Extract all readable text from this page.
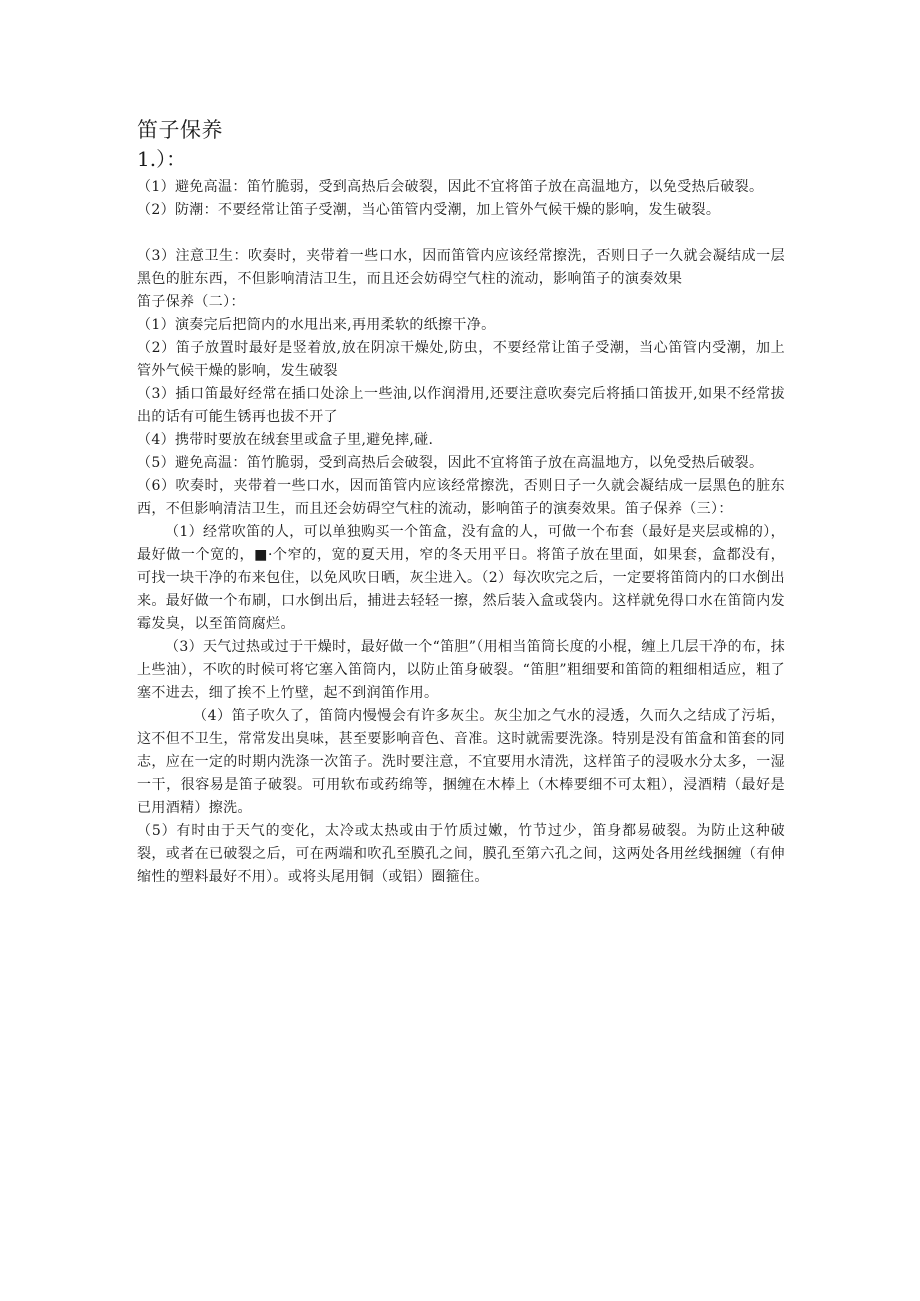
笛子保养
1.）：

（1）避免高温：笛竹脆弱，受到高热后会破裂，因此不宜将笛子放在高温地方，以免受热后破裂。

（2）防潮：不要经常让笛子受潮，当心笛管内受潮，加上管外气候干燥的影响，发生破裂。

（3）注意卫生：吹奏时，夹带着一些口水，因而笛管内应该经常擦洗，否则日子一久就会凝结成一层黑色的脏东西，不但影响清洁卫生，而且还会妨碍空气柱的流动，影响笛子的演奏效果

笛子保养（二）：

（1）演奏完后把筒内的水甩出来,再用柔软的纸擦干净。

（2）笛子放置时最好是竖着放,放在阴凉干燥处,防虫，不要经常让笛子受潮，当心笛管内受潮，加上管外气候干燥的影响，发生破裂

（3）插口笛最好经常在插口处涂上一些油,以作润滑用,还要注意吹奏完后将插口笛拔开,如果不经常拔出的话有可能生锈再也拔不开了

（4）携带时要放在绒套里或盒子里,避免摔,碰.

（5）避免高温：笛竹脆弱，受到高热后会破裂，因此不宜将笛子放在高温地方，以免受热后破裂。

（6）吹奏时，夹带着一些口水，因而笛管内应该经常擦洗，否则日子一久就会凝结成一层黑色的脏东西，不但影响清洁卫生，而且还会妨碍空气柱的流动，影响笛子的演奏效果。笛子保养（三）：

（1）经常吹笛的人，可以单独购买一个笛盒，没有盒的人，可做一个布套（最好是夹层或棉的），最好做一个宽的，■·个窄的，宽的夏天用，窄的冬天用平日。将笛子放在里面，如果套，盒都没有，可找一块干净的布来包住，以免风吹日晒，灰尘进入。（2）每次吹完之后，一定要将笛筒内的口水倒出来。最好做一个布刷，口水倒出后，捕进去轻轻一擦，然后装入盒或袋内。这样就免得口水在笛筒内发霉发臭，以至笛筒腐烂。

（3）天气过热或过于干燥时，最好做一个“笛胆”（用相当笛筒长度的小棍，缠上几层干净的布，抹上些油），不吹的时候可将它塞入笛筒内，以防止笛身破裂。“笛胆”粗细要和笛筒的粗细相适应，粗了塞不进去，细了挨不上竹壁，起不到润笛作用。

（4）笛子吹久了，笛筒内慢慢会有许多灰尘。灰尘加之气水的浸透，久而久之结成了污垢，这不但不卫生，常常发出臭味，甚至要影响音色、音准。这时就需要洗涤。特别是没有笛盒和笛套的同志，应在一定的时期内洗涤一次笛子。洗时要注意，不宜要用水清洗，这样笛子的浸吸水分太多，一湿一干，很容易是笛子破裂。可用软布或药绵等，捆缠在木棒上（木棒要细不可太粗），浸酒精（最好是已用酒精）擦洗。

（5）有时由于天气的变化，太冷或太热或由于竹质过嫩，竹节过少，笛身都易破裂。为防止这种破裂，或者在已破裂之后，可在两端和吹孔至膜孔之间，膜孔至第六孔之间，这两处各用丝线捆缠（有伸缩性的塑料最好不用）。或将头尾用铜（或铝）圈箍住。
